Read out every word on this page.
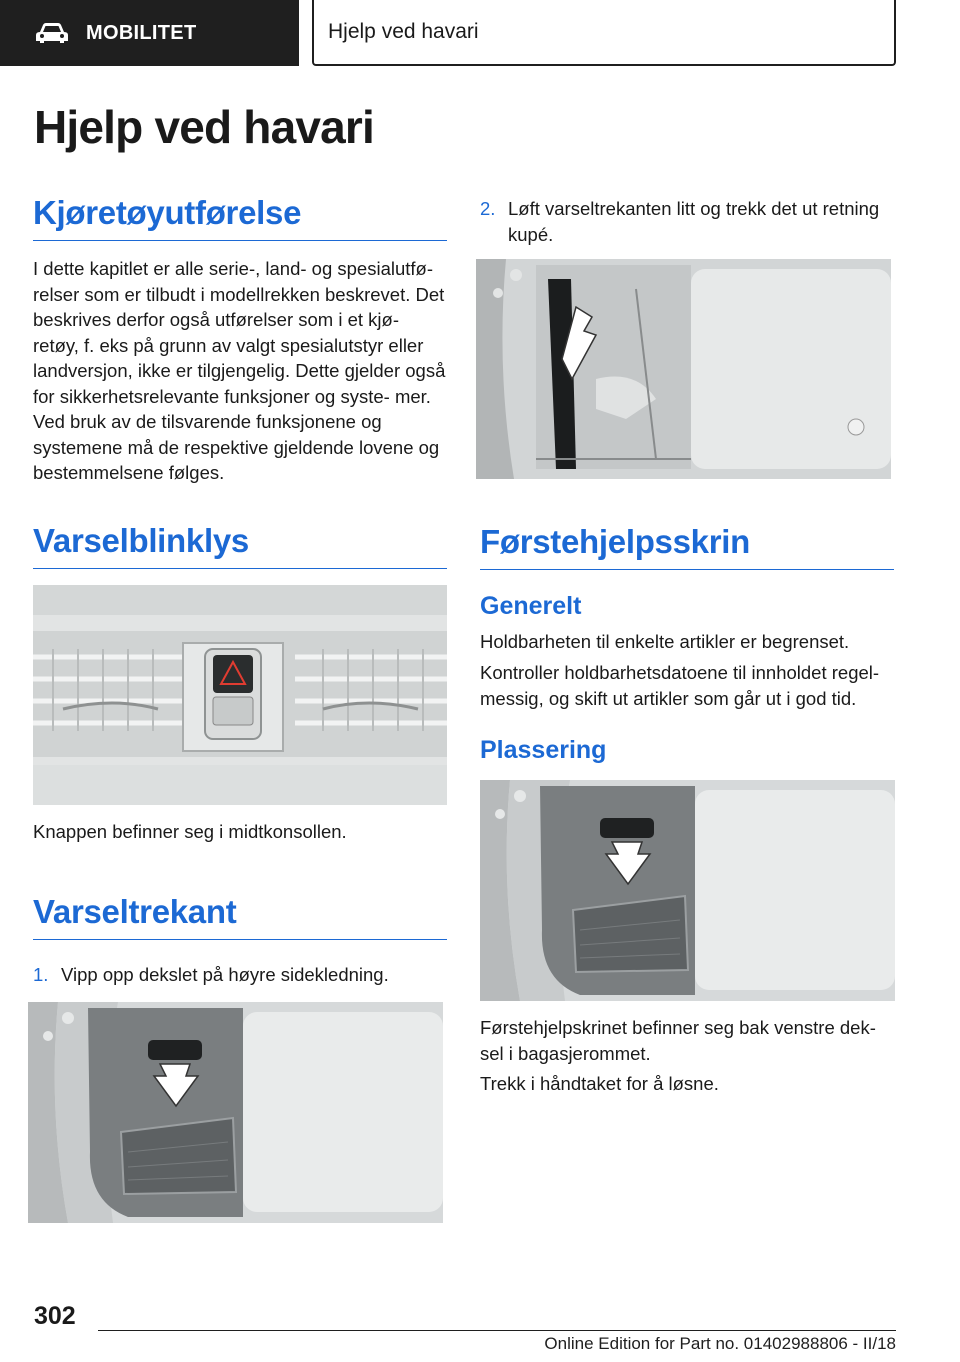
MOBILITET	Hjelp ved havari
Hjelp ved havari
Kjøretøyutførelse
I dette kapitlet er alle serie-, land- og spesialutfø- relser som er tilbudt i modellrekken beskrevet. Det beskrives derfor også utførelser som i et kjø- retøy, f. eks på grunn av valgt spesialutstyr eller landversjon, ikke er tilgjengelig. Dette gjelder også for sikkerhetsrelevante funksjoner og syste- mer. Ved bruk av de tilsvarende funksjonene og systemene må de respektive gjeldende lovene og bestemmelsene følges.
Varselblinklys
Knappen befinner seg i midtkonsollen.
Varseltrekant
1. Vipp opp dekslet på høyre sidekledning.
2. Løft varseltrekanten litt og trekk det ut retning kupé.
Førstehjelpsskrin
Generelt
Holdbarheten til enkelte artikler er begrenset.
Kontroller holdbarhetsdatoene til innholdet regel- messig, og skift ut artikler som går ut i god tid.
Plassering
Førstehjelpskrinet befinner seg bak venstre dek- sel i bagasjerommet.
Trekk i håndtaket for å løsne.
302
Online Edition for Part no. 01402988806 - II/18
